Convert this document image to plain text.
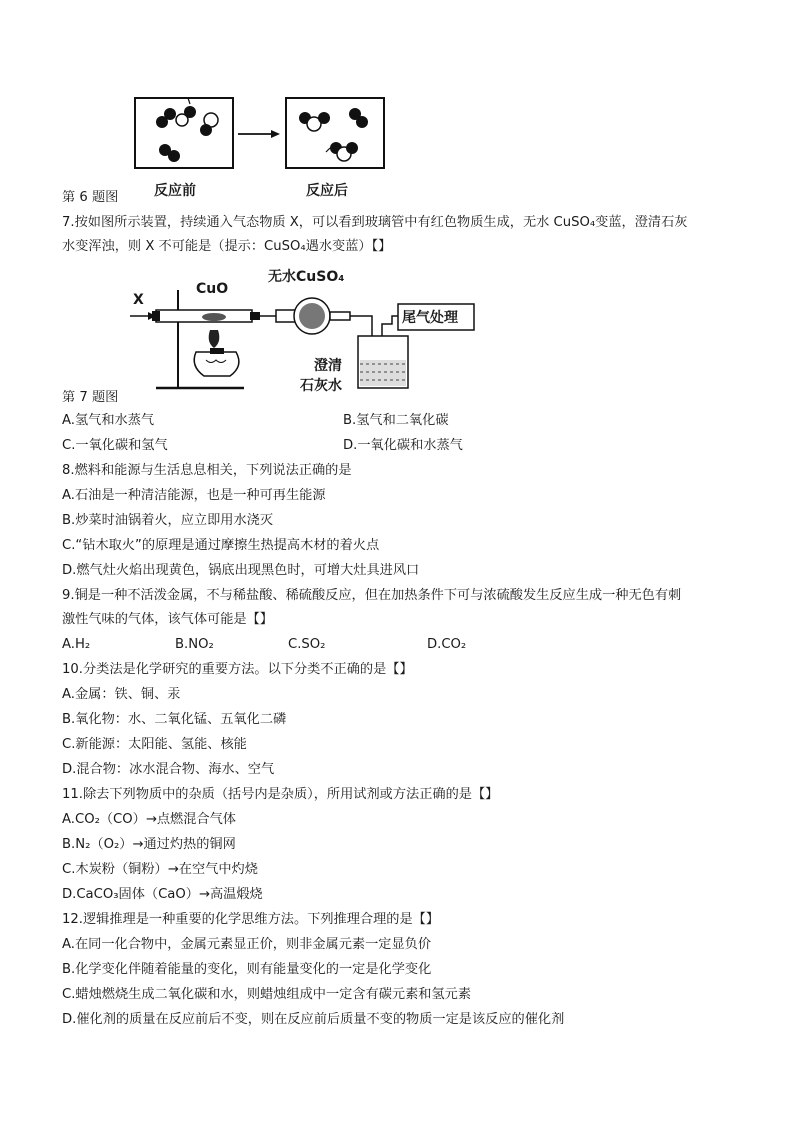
反应前	反应后
第 6 题图
7.按如图所示装置，持续通入气态物质 X，可以看到玻璃管中有红色物质生成，无水 CuSO₄变蓝，澄清石灰
水变浑浊，则 X 不可能是（提示：CuSO₄遇水变蓝）【】
X
CuO
无水CuSO₄
尾气处理
澄清
石灰水
第 7 题图
A.氢气和水蒸气	B.氢气和二氧化碳
C.一氧化碳和氢气	D.一氧化碳和水蒸气
8.燃料和能源与生活息息相关，下列说法正确的是
A.石油是一种清洁能源，也是一种可再生能源
B.炒菜时油锅着火，应立即用水浇灭
C.“钻木取火”的原理是通过摩擦生热提高木材的着火点
D.燃气灶火焰出现黄色，锅底出现黑色时，可增大灶具进风口
9.铜是一种不活泼金属，不与稀盐酸、稀硫酸反应，但在加热条件下可与浓硫酸发生反应生成一种无色有刺
激性气味的气体，该气体可能是【】
A.H₂	B.NO₂	C.SO₂	D.CO₂
10.分类法是化学研究的重要方法。以下分类不正确的是【】
A.金属：铁、铜、汞
B.氧化物：水、二氧化锰、五氧化二磷
C.新能源：太阳能、氢能、核能
D.混合物：冰水混合物、海水、空气
11.除去下列物质中的杂质（括号内是杂质），所用试剂或方法正确的是【】
A.CO₂（CO）→点燃混合气体
B.N₂（O₂）→通过灼热的铜网
C.木炭粉（铜粉）→在空气中灼烧
D.CaCO₃固体（CaO）→高温煅烧
12.逻辑推理是一种重要的化学思维方法。下列推理合理的是【】
A.在同一化合物中，金属元素显正价，则非金属元素一定显负价
B.化学变化伴随着能量的变化，则有能量变化的一定是化学变化
C.蜡烛燃烧生成二氧化碳和水，则蜡烛组成中一定含有碳元素和氢元素
D.催化剂的质量在反应前后不变，则在反应前后质量不变的物质一定是该反应的催化剂
